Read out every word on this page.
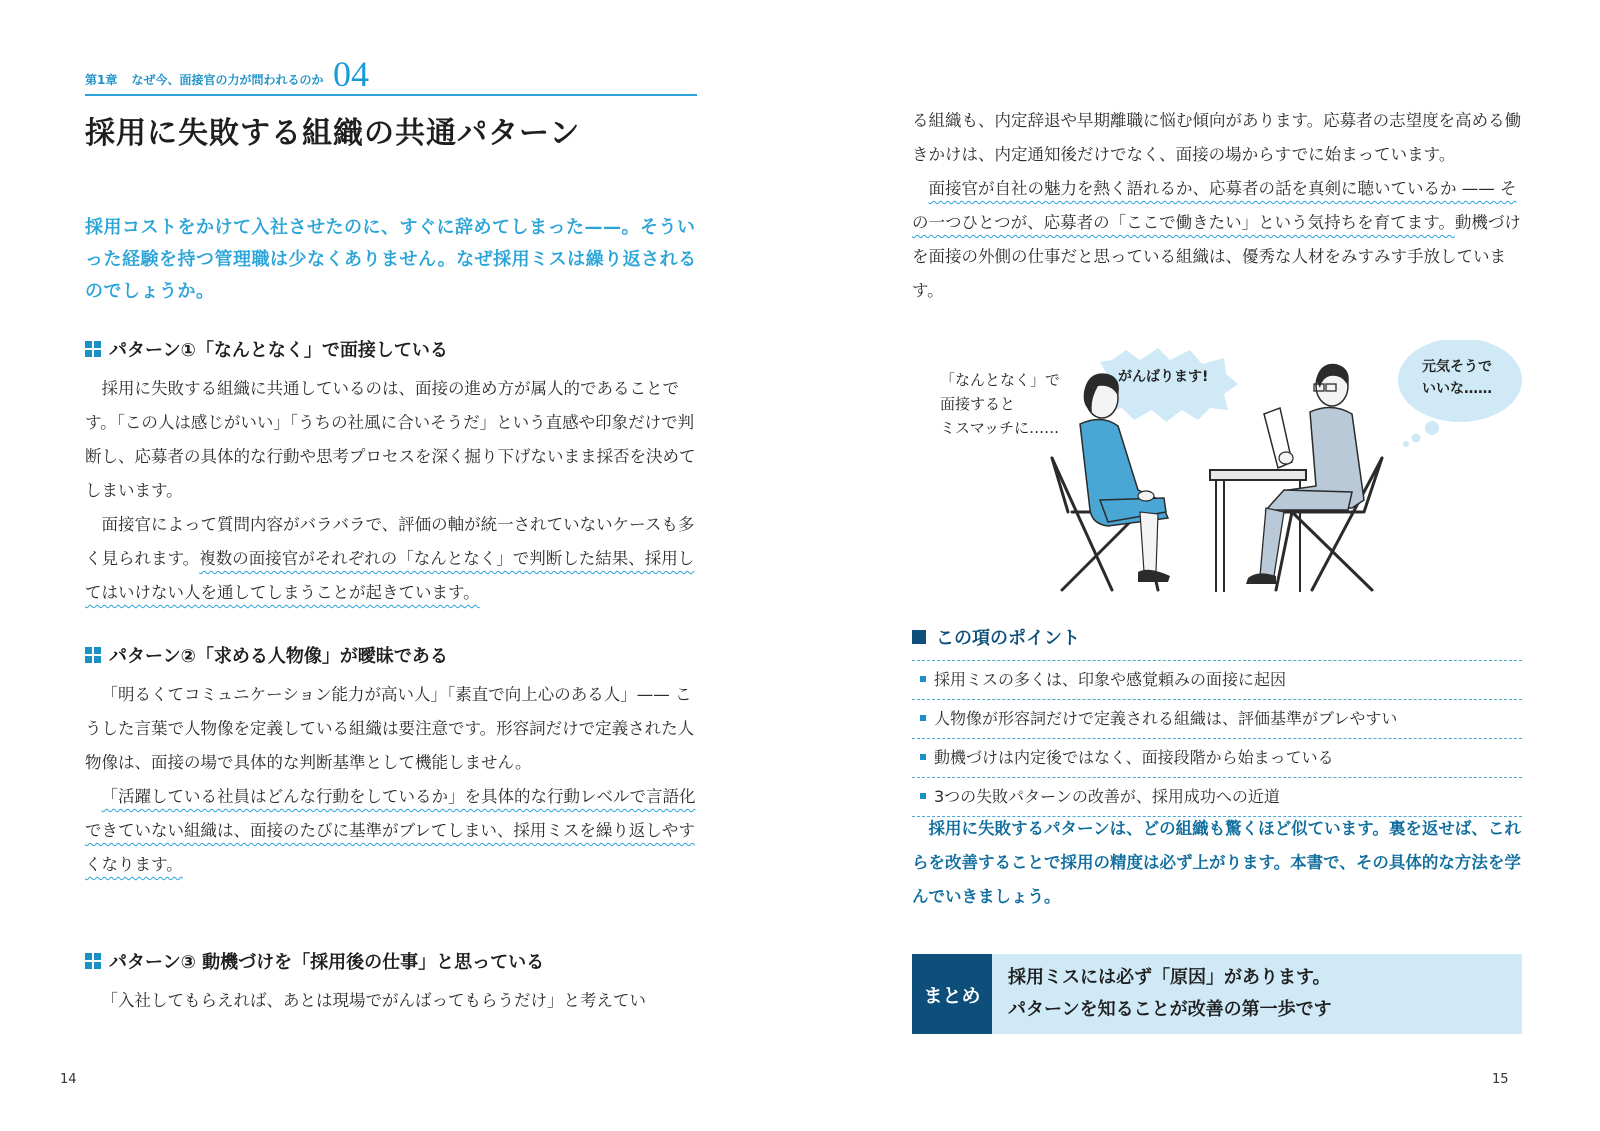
第1章 なぜ今、面接官の力が問われるのか 04
採用に失敗する組織の共通パターン
採用コストをかけて入社させたのに、すぐに辞めてしまった——。そういった経験を持つ管理職は少なくありません。なぜ採用ミスは繰り返されるのでしょうか。
パターン①「なんとなく」で面接している

採用に失敗する組織に共通しているのは、面接の進め方が属人的であることです。「この人は感じがいい」「うちの社風に合いそうだ」という直感や印象だけで判断し、応募者の具体的な行動や思考プロセスを深く掘り下げないまま採否を決めてしまいます。

面接官によって質問内容がバラバラで、評価の軸が統一されていないケースも多く見られます。複数の面接官がそれぞれの「なんとなく」で判断した結果、採用してはいけない人を通してしまうことが起きています。

パターン②「求める人物像」が曖昧である

「明るくてコミュニケーション能力が高い人」「素直で向上心のある人」—— こうした言葉で人物像を定義している組織は要注意です。形容詞だけで定義された人物像は、面接の場で具体的な判断基準として機能しません。

「活躍している社員はどんな行動をしているか」を具体的な行動レベルで言語化できていない組織は、面接のたびに基準がブレてしまい、採用ミスを繰り返しやすくなります。

パターン③ 動機づけを「採用後の仕事」と思っている

「入社してもらえれば、あとは現場でがんばってもらうだけ」と考えてい

14

る組織も、内定辞退や早期離職に悩む傾向があります。応募者の志望度を高める働きかけは、内定通知後だけでなく、面接の場からすでに始まっています。

面接官が自社の魅力を熱く語れるか、応募者の話を真剣に聴いているか —— その一つひとつが、応募者の「ここで働きたい」という気持ちを育てます。動機づけを面接の外側の仕事だと思っている組織は、優秀な人材をみすみす手放しています。

「なんとなく」で
面接すると
ミスマッチに……
がんばります!
元気そうで
いいな……
この項のポイント
採用ミスの多くは、印象や感覚頼みの面接に起因
人物像が形容詞だけで定義される組織は、評価基準がブレやすい
動機づけは内定後ではなく、面接段階から始まっている
3つの失敗パターンの改善が、採用成功への近道

採用に失敗するパターンは、どの組織も驚くほど似ています。裏を返せば、これらを改善することで採用の精度は必ず上がります。本書で、その具体的な方法を学んでいきましょう。

まとめ
採用ミスには必ず「原因」があります。
パターンを知ることが改善の第一歩です
15
